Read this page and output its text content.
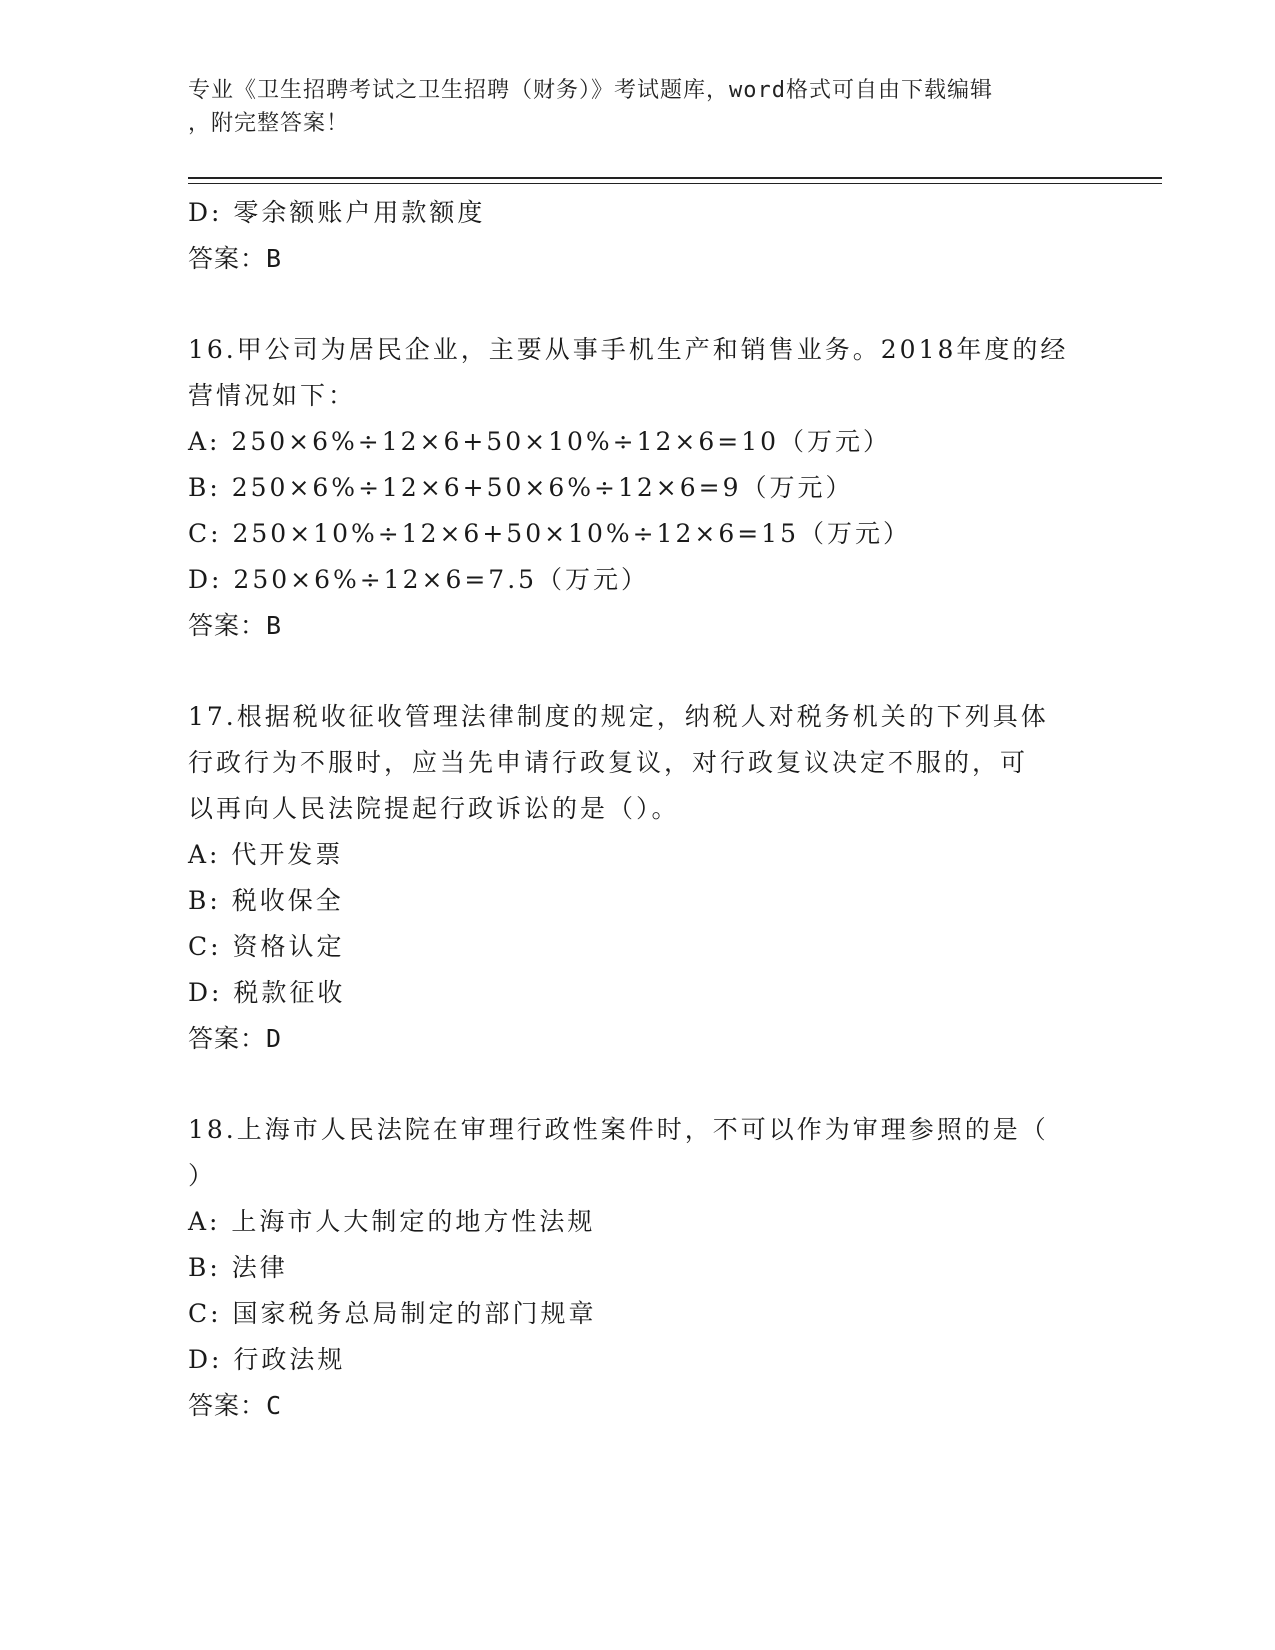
专业《卫生招聘考试之卫生招聘（财务）》考试题库，word格式可自由下载编辑
，附完整答案！
D: 零余额账户用款额度
答案：B
16.甲公司为居民企业，主要从事手机生产和销售业务。2018年度的经
营情况如下：
A: 250×6%÷12×6+50×10%÷12×6=10（万元）
B: 250×6%÷12×6+50×6%÷12×6=9（万元）
C: 250×10%÷12×6+50×10%÷12×6=15（万元）
D: 250×6%÷12×6=7.5（万元）
答案：B
17.根据税收征收管理法律制度的规定，纳税人对税务机关的下列具体
行政行为不服时，应当先申请行政复议，对行政复议决定不服的，可
以再向人民法院提起行政诉讼的是（）。
A: 代开发票
B: 税收保全
C: 资格认定
D: 税款征收
答案：D
18.上海市人民法院在审理行政性案件时，不可以作为审理参照的是（
）
A: 上海市人大制定的地方性法规
B: 法律
C: 国家税务总局制定的部门规章
D: 行政法规
答案：C
